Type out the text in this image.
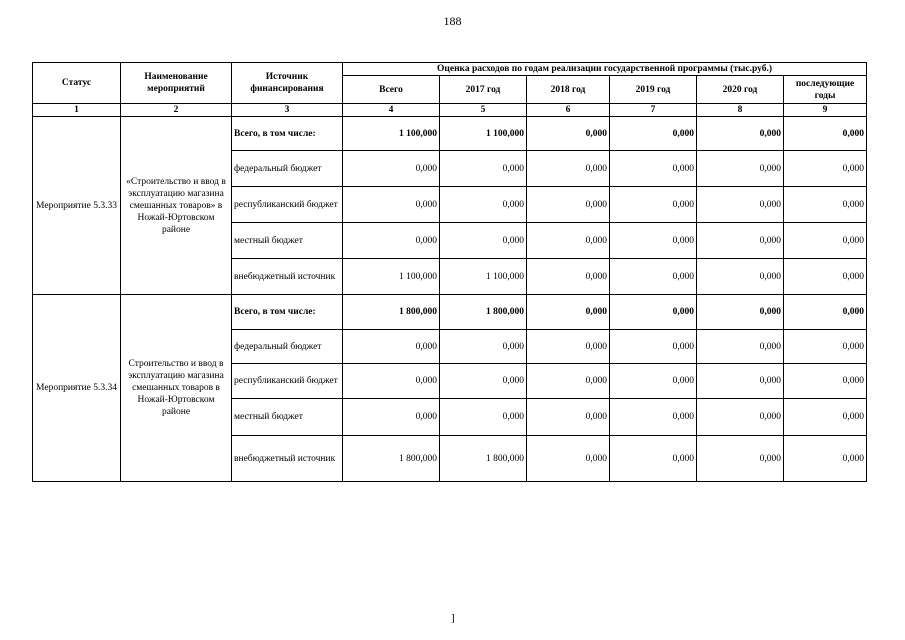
188
Статус	Наименование мероприятий	Источник финансирования	Оценка расходов по годам реализации государственной программы (тыс.руб.)					
			Всего	2017 год	2018 год	2019 год	2020 год	последующие годы
1	2	3	4	5	6	7	8	9
Мероприятие 5.3.33	«Строительство и ввод в эксплуатацию магазина смешанных товаров» в Ножай-Юртовском районе	Всего, в том числе:	1 100,000	1 100,000	0,000	0,000	0,000	0,000
		федеральный бюджет	0,000	0,000	0,000	0,000	0,000	0,000
		республиканский бюджет	0,000	0,000	0,000	0,000	0,000	0,000
		местный бюджет	0,000	0,000	0,000	0,000	0,000	0,000
		внебюджетный источник	1 100,000	1 100,000	0,000	0,000	0,000	0,000
Мероприятие 5.3.34	Строительство и ввод в эксплуатацию магазина смешанных товаров в Ножай-Юртовском районе	Всего, в том числе:	1 800,000	1 800,000	0,000	0,000	0,000	0,000
		федеральный бюджет	0,000	0,000	0,000	0,000	0,000	0,000
		республиканский бюджет	0,000	0,000	0,000	0,000	0,000	0,000
		местный бюджет	0,000	0,000	0,000	0,000	0,000	0,000
		внебюджетный источник	1 800,000	1 800,000	0,000	0,000	0,000	0,000
]
